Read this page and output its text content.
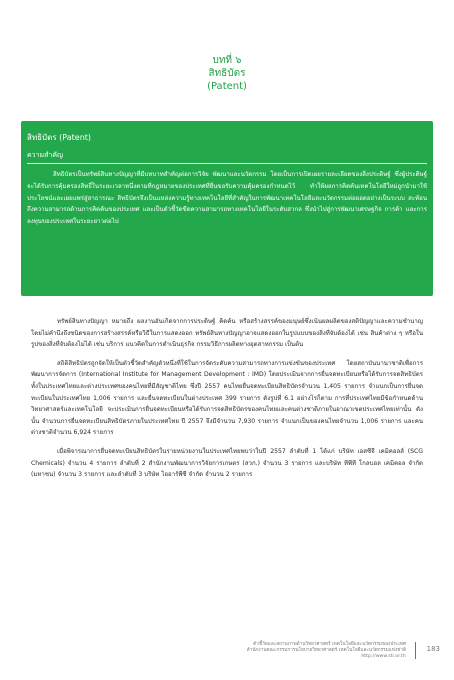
บทที่ ๖
สิทธิบัตร
(Patent)
สิทธิบัตร (Patent)
ความสำคัญ

สิทธิบัตรเป็นทรัพย์สินทางปัญญาที่มีบทบาทสำคัญต่อการวิจัย พัฒนาและนวัตกรรม โดยเป็นการเปิดเผยรายละเอียดของสิ่งประดิษฐ์ ซึ่งผู้ประดิษฐ์จะได้รับการคุ้มครองสิทธิ์ในระยะเวลาหนึ่งตามที่กฎหมายของประเทศที่ยื่นขอรับความคุ้มครองกำหนดไว้ ทำให้ผลการคิดค้นเทคโนโลยีใหม่ถูกนำมาใช้ประโยชน์และเผยแพร่สู่สาธารณะ สิทธิบัตรจึงเป็นแหล่งความรู้ทางเทคโนโลยีที่สำคัญในการพัฒนาเทคโนโลยีและนวัตกรรมต่อยอดอย่างเป็นระบบ สะท้อนถึงความสามารถด้านการคิดค้นของประเทศ และเป็นตัวชี้วัดขีดความสามารถทางเทคโนโลยีในระดับสากล ซึ่งนำไปสู่การพัฒนาเศรษฐกิจ การค้า และการลงทุนของประเทศในระยะยาวต่อไป

ทรัพย์สินทางปัญญา หมายถึง ผลงานอันเกิดจากการประดิษฐ์ คิดค้น หรือสร้างสรรค์ของมนุษย์ซึ่งเน้นผลผลิตของสติปัญญาและความชำนาญ โดยไม่คำนึงถึงชนิดของการสร้างสรรค์หรือวิธีในการแสดงออก ทรัพย์สินทางปัญญาอาจแสดงออกในรูปแบบของสิ่งที่จับต้องได้ เช่น สินค้าต่าง ๆ หรือในรูปของสิ่งที่จับต้องไม่ได้ เช่น บริการ แนวคิดในการดำเนินธุรกิจ กรรมวิธีการผลิตทางอุตสาหกรรม เป็นต้น

สถิติสิทธิบัตรถูกจัดให้เป็นตัวชี้วัดสำคัญตัวหนึ่งที่ใช้ในการจัดระดับความสามารถทางการแข่งขันของประเทศ โดยสถาบันนานาชาติเพื่อการพัฒนาการจัดการ (International Institute for Management Development : IMD) โดยประเมินจากการยื่นจดทะเบียนหรือได้รับการจดสิทธิบัตรทั้งในประเทศไทยและต่างประเทศของคนไทยที่มีสัญชาติไทย ซึ่งปี 2557 คนไทยยื่นจดทะเบียนสิทธิบัตรจำนวน 1,405 รายการ จำแนกเป็นการยื่นจดทะเบียนในประเทศไทย 1,006 รายการ และยื่นจดทะเบียนในต่างประเทศ 399 รายการ ดังรูปที่ 6.1 อย่างไรก็ตาม การที่ประเทศไทยมีข้อกำหนดด้านวิทยาศาสตร์และเทคโนโลยี จะประเมินการยื่นจดทะเบียนหรือได้รับการจดสิทธิบัตรของคนไทยและคนต่างชาติภายในอาณาเขตประเทศไทยเท่านั้น ดังนั้น จำนวนการยื่นจดทะเบียนสิทธิบัตรภายในประเทศไทย ปี 2557 จึงมีจำนวน 7,930 รายการ จำแนกเป็นของคนไทยจำนวน 1,006 รายการ และคนต่างชาติจำนวน 6,924 รายการ

เมื่อพิจารณาการยื่นจดทะเบียนสิทธิบัตรในรายหน่วยงานในประเทศไทยพบว่าในปี 2557 ลำดับที่ 1 ได้แก่ บริษัท เอสซีจี เคมิคอลส์ (SCG Chemicals) จำนวน 4 รายการ ลำดับที่ 2 สำนักงานพัฒนาการวิจัยการเกษตร (สวก.) จำนวน 3 รายการ และบริษัท ทีพีที โกลบอล เคมิคอล จำกัด (มหาชน) จำนวน 3 รายการ และลำดับที่ 3 บริษัท ไออาร์พีซี จำกัด จำนวน 2 รายการ

ตัวชี้วัดและสถานภาพด้านวิทยาศาสตร์ เทคโนโลยีและนวัตกรรมของประเทศ
สำนักงานคณะกรรมการนโยบายวิทยาศาสตร์ เทคโนโลยีและนวัตกรรมแห่งชาติ
http://www.sti.or.th
183
